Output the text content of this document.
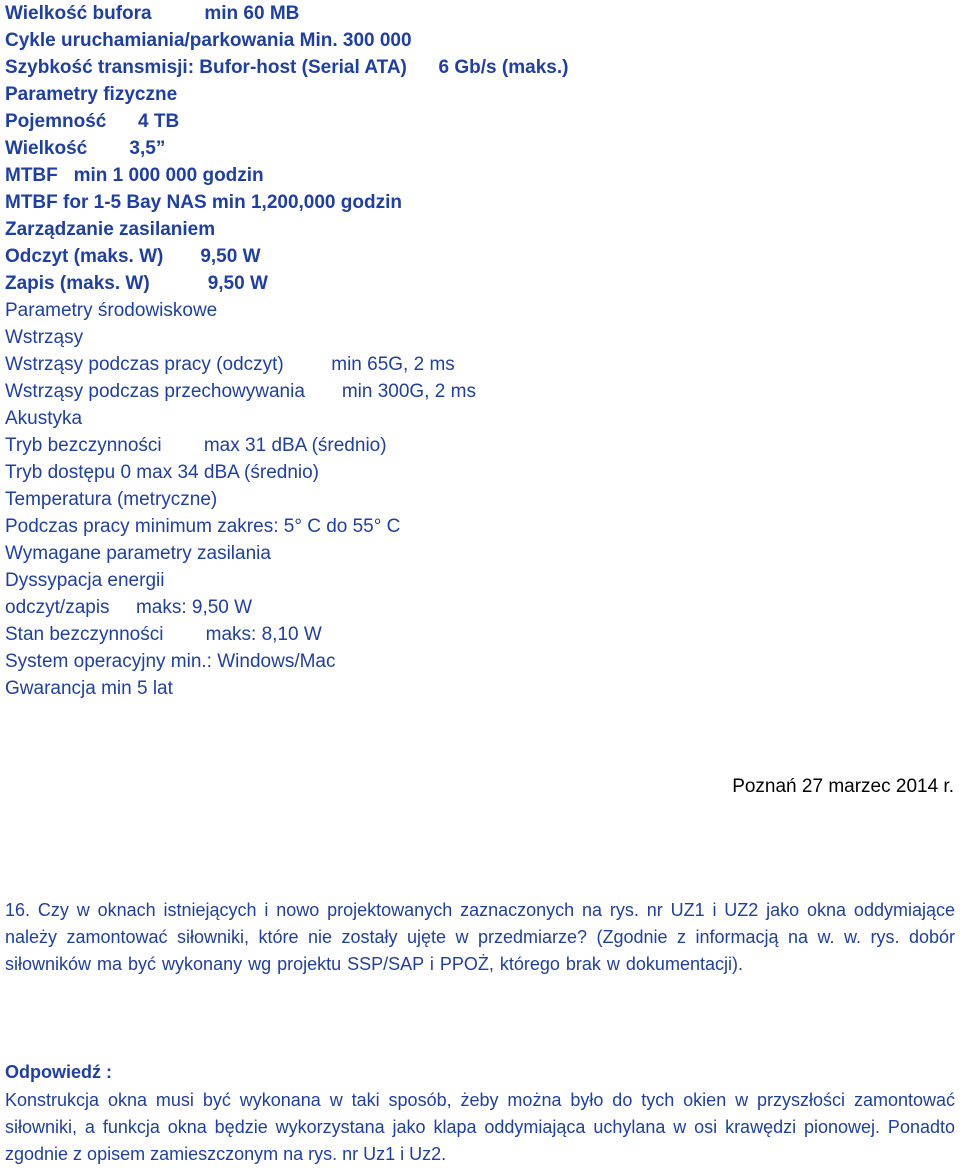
Wielkość bufora          min 60 MB
Cykle uruchamiania/parkowania Min. 300 000
Szybkość transmisji: Bufor-host (Serial ATA)      6 Gb/s (maks.)
Parametry fizyczne
Pojemność      4 TB
Wielkość        3,5”
MTBF   min 1 000 000 godzin
MTBF for 1-5 Bay NAS min 1,200,000 godzin
Zarządzanie zasilaniem
Odczyt (maks. W)       9,50 W
Zapis (maks. W)           9,50 W
Parametry środowiskowe
Wstrząsy
Wstrząsy podczas pracy (odczyt)         min 65G, 2 ms
Wstrząsy podczas przechowywania       min 300G, 2 ms
Akustyka
Tryb bezczynności        max 31 dBA (średnio)
Tryb dostępu 0 max 34 dBA (średnio)
Temperatura (metryczne)
Podczas pracy minimum zakres: 5° C do 55° C
Wymagane parametry zasilania
Dyssypacja energii
odczyt/zapis     maks: 9,50 W
Stan bezczynności        maks: 8,10 W
System operacyjny min.: Windows/Mac
Gwarancja min 5 lat
Poznań 27 marzec 2014 r.

16. Czy w oknach istniejących i nowo projektowanych zaznaczonych na rys. nr UZ1 i UZ2 jako okna oddymiające należy zamontować siłowniki, które nie zostały ujęte w przedmiarze? (Zgodnie z informacją na w. w. rys. dobór siłowników ma być wykonany wg projektu SSP/SAP i PPOŻ, którego brak w dokumentacji).

Odpowiedź :

Konstrukcja okna musi być wykonana w taki sposób, żeby można było do tych okien w przyszłości zamontować siłowniki, a funkcja okna będzie wykorzystana jako klapa oddymiająca uchylana w osi krawędzi pionowej. Ponadto zgodnie z opisem zamieszczonym na rys. nr Uz1 i Uz2.
